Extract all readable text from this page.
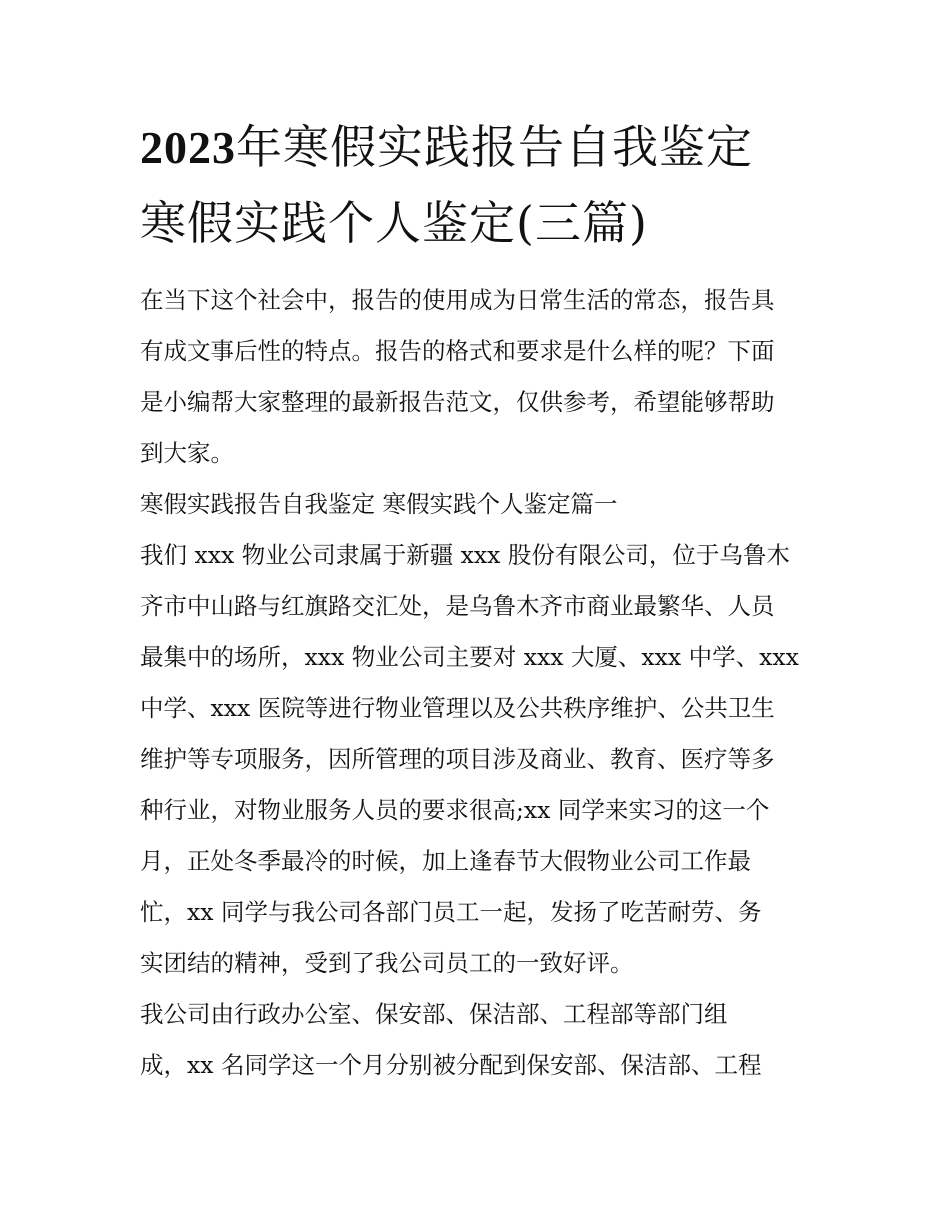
2023年寒假实践报告自我鉴定
寒假实践个人鉴定(三篇)
在当下这个社会中，报告的使用成为日常生活的常态，报告具
有成文事后性的特点。报告的格式和要求是什么样的呢？下面
是小编帮大家整理的最新报告范文，仅供参考，希望能够帮助
到大家。
寒假实践报告自我鉴定 寒假实践个人鉴定篇一
我们 xxx 物业公司隶属于新疆 xxx 股份有限公司，位于乌鲁木
齐市中山路与红旗路交汇处，是乌鲁木齐市商业最繁华、人员
最集中的场所，xxx 物业公司主要对 xxx 大厦、xxx 中学、xxx
中学、xxx 医院等进行物业管理以及公共秩序维护、公共卫生
维护等专项服务，因所管理的项目涉及商业、教育、医疗等多
种行业，对物业服务人员的要求很高;xx 同学来实习的这一个
月，正处冬季最冷的时候，加上逢春节大假物业公司工作最
忙，xx 同学与我公司各部门员工一起，发扬了吃苦耐劳、务
实团结的精神，受到了我公司员工的一致好评。
我公司由行政办公室、保安部、保洁部、工程部等部门组
成，xx 名同学这一个月分别被分配到保安部、保洁部、工程
